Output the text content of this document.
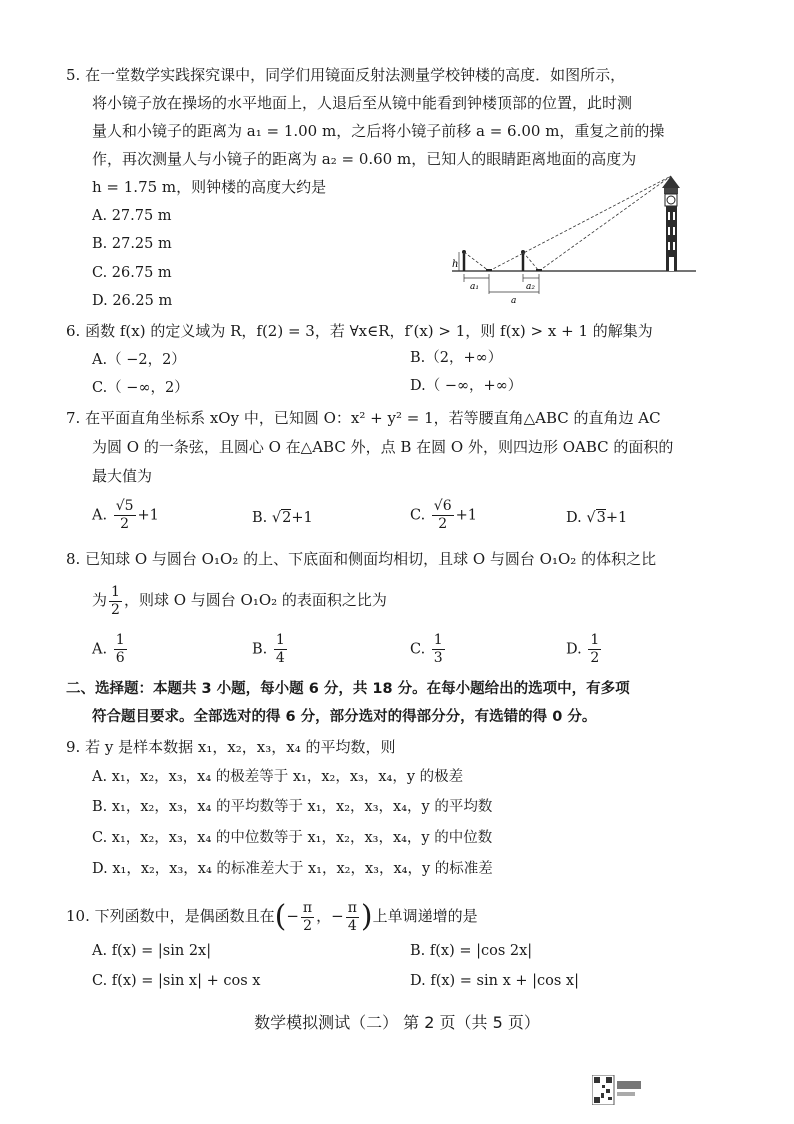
5. 在一堂数学实践探究课中，同学们用镜面反射法测量学校钟楼的高度．如图所示，
将小镜子放在操场的水平地面上，人退后至从镜中能看到钟楼顶部的位置，此时测
量人和小镜子的距离为 a₁ = 1.00 m，之后将小镜子前移 a = 6.00 m，重复之前的操
作，再次测量人与小镜子的距离为 a₂ = 0.60 m，已知人的眼睛距离地面的高度为
h = 1.75 m，则钟楼的高度大约是
A. 27.75 m
B. 27.25 m
C. 26.75 m
D. 26.25 m
h
a₁	a₂
a
6. 函数 f(x) 的定义域为 R，f(2) = 3，若 ∀x∈R，f′(x) > 1，则 f(x) > x + 1 的解集为
A.（ −2，2）	B.（2，+∞）
C.（ −∞，2）	D.（ −∞，+∞）
7. 在平面直角坐标系 xOy 中，已知圆 O：x² + y² = 1，若等腰直角△ABC 的直角边 AC
为圆 O 的一条弦，且圆心 O 在△ABC 外，点 B 在圆 O 外，则四边形 OABC 的面积的
最大值为
A. $\frac{√5}{2} +1$	B. √2+1	C. $\frac{√6}{2} +1$	D. √3+1
8. 已知球 O 与圆台 O₁O₂ 的上、下底面和侧面均相切，且球 O 与圆台 O₁O₂ 的体积之比
为 $\frac{1}{2}$ ，则球 O 与圆台 O₁O₂ 的表面积之比为
A. $\frac{1}{6}$	B. $\frac{1}{4}$	C. $\frac{1}{3}$	D. $\frac{1}{2}$
二、选择题：本题共 3 小题，每小题 6 分，共 18 分。在每小题给出的选项中，有多项
符合题目要求。全部选对的得 6 分，部分选对的得部分分，有选错的得 0 分。
9. 若 y 是样本数据 x₁，x₂，x₃，x₄ 的平均数，则
A. x₁，x₂，x₃，x₄ 的极差等于 x₁，x₂，x₃，x₄，y 的极差
B. x₁，x₂，x₃，x₄ 的平均数等于 x₁，x₂，x₃，x₄，y 的平均数
C. x₁，x₂，x₃，x₄ 的中位数等于 x₁，x₂，x₃，x₄，y 的中位数
D. x₁，x₂，x₃，x₄ 的标准差大于 x₁，x₂，x₃，x₄，y 的标准差
10. 下列函数中，是偶函数且在(− $\frac{\pi}{2}$ ，− $\frac{\pi}{4}$ )上单调递增的是
A. f(x) = |sin 2x|	B. f(x) = |cos 2x|
C. f(x) = |sin x| + cos x	D. f(x) = sin x + |cos x|
数学模拟测试（二） 第 2 页（共 5 页）
